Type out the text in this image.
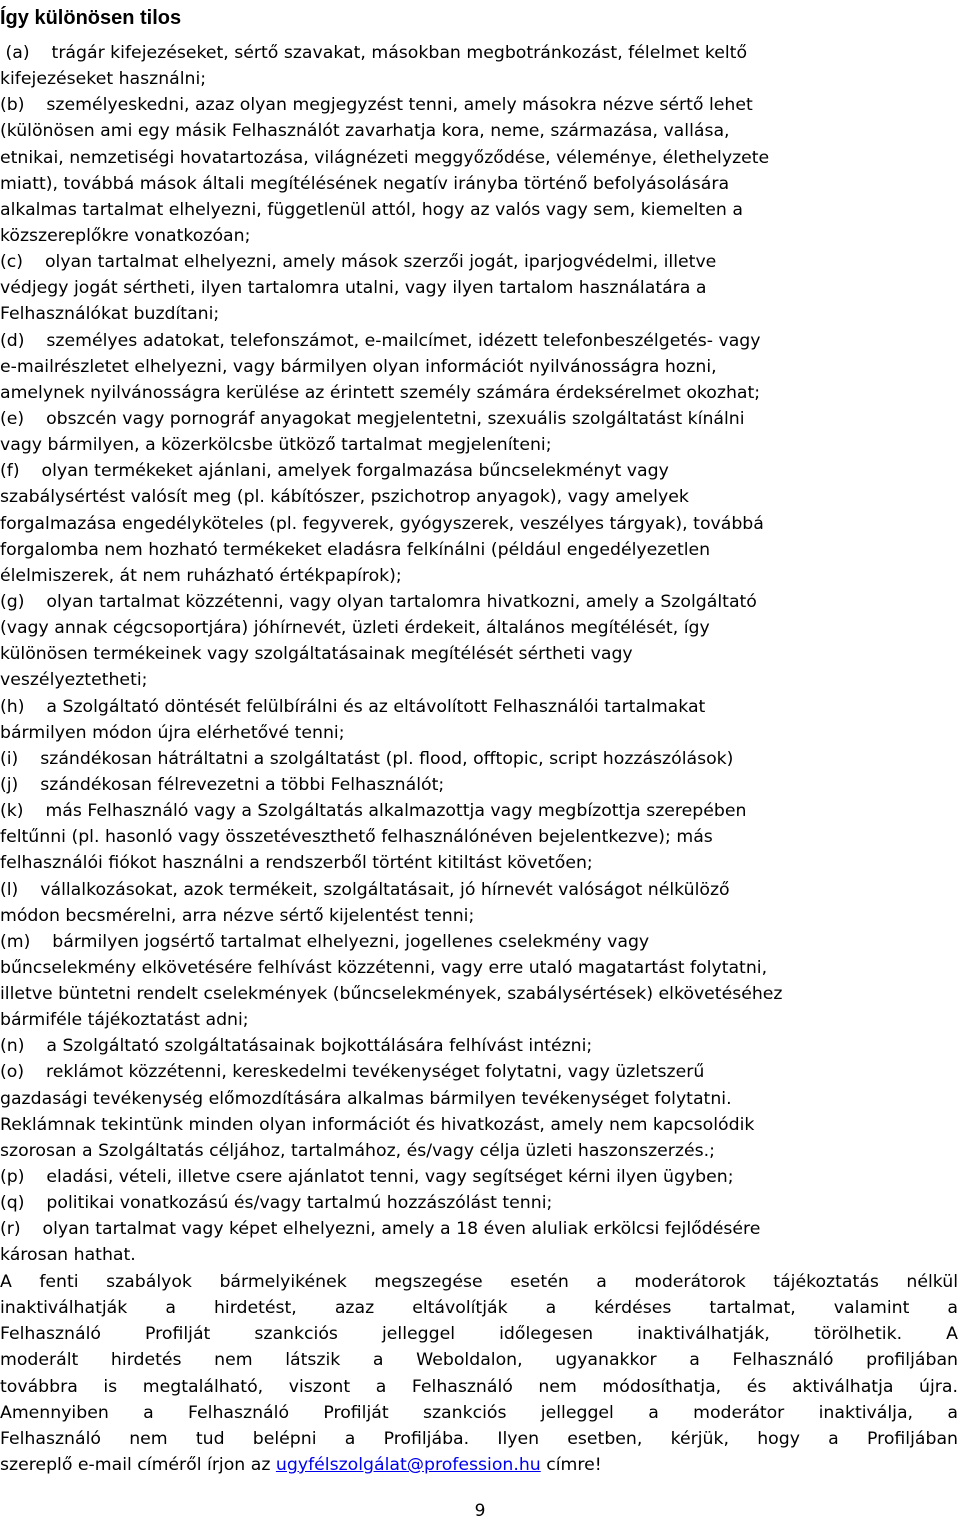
Így különösen tilos
(a)    trágár kifejezéseket, sértő szavakat, másokban megbotránkozást, félelmet keltő
kifejezéseket használni;
(b)    személyeskedni, azaz olyan megjegyzést tenni, amely másokra nézve sértő lehet
(különösen ami egy másik Felhasználót zavarhatja kora, neme, származása, vallása,
etnikai, nemzetiségi hovatartozása, világnézeti meggyőződése, véleménye, élethelyzete
miatt), továbbá mások általi megítélésének negatív irányba történő befolyásolására
alkalmas tartalmat elhelyezni, függetlenül attól, hogy az valós vagy sem, kiemelten a
közszereplőkre vonatkozóan;
(c)    olyan tartalmat elhelyezni, amely mások szerzői jogát, iparjogvédelmi, illetve
védjegy jogát sértheti, ilyen tartalomra utalni, vagy ilyen tartalom használatára a
Felhasználókat buzdítani;
(d)    személyes adatokat, telefonszámot, e-mailcímet, idézett telefonbeszélgetés- vagy
e-mailrészletet elhelyezni, vagy bármilyen olyan információt nyilvánosságra hozni,
amelynek nyilvánosságra kerülése az érintett személy számára érdeksérelmet okozhat;
(e)    obszcén vagy pornográf anyagokat megjelentetni, szexuális szolgáltatást kínálni
vagy bármilyen, a közerkölcsbe ütköző tartalmat megjeleníteni;
(f)    olyan termékeket ajánlani, amelyek forgalmazása bűncselekményt vagy
szabálysértést valósít meg (pl. kábítószer, pszichotrop anyagok), vagy amelyek
forgalmazása engedélyköteles (pl. fegyverek, gyógyszerek, veszélyes tárgyak), továbbá
forgalomba nem hozható termékeket eladásra felkínálni (például engedélyezetlen
élelmiszerek, át nem ruházható értékpapírok);
(g)    olyan tartalmat közzétenni, vagy olyan tartalomra hivatkozni, amely a Szolgáltató
(vagy annak cégcsoportjára) jóhírnevét, üzleti érdekeit, általános megítélését, így
különösen termékeinek vagy szolgáltatásainak megítélését sértheti vagy
veszélyeztetheti;
(h)    a Szolgáltató döntését felülbírálni és az eltávolított Felhasználói tartalmakat
bármilyen módon újra elérhetővé tenni;
(i)    szándékosan hátráltatni a szolgáltatást (pl. flood, offtopic, script hozzászólások)
(j)    szándékosan félrevezetni a többi Felhasználót;
(k)    más Felhasználó vagy a Szolgáltatás alkalmazottja vagy megbízottja szerepében
feltűnni (pl. hasonló vagy összetéveszthető felhasználónéven bejelentkezve); más
felhasználói fiókot használni a rendszerből történt kitiltást követően;
(l)    vállalkozásokat, azok termékeit, szolgáltatásait, jó hírnevét valóságot nélkülöző
módon becsmérelni, arra nézve sértő kijelentést tenni;
(m)    bármilyen jogsértő tartalmat elhelyezni, jogellenes cselekmény vagy
bűncselekmény elkövetésére felhívást közzétenni, vagy erre utaló magatartást folytatni,
illetve büntetni rendelt cselekmények (bűncselekmények, szabálysértések) elkövetéséhez
bármiféle tájékoztatást adni;
(n)    a Szolgáltató szolgáltatásainak bojkottálására felhívást intézni;
(o)    reklámot közzétenni, kereskedelmi tevékenységet folytatni, vagy üzletszerű
gazdasági tevékenység előmozdítására alkalmas bármilyen tevékenységet folytatni.
Reklámnak tekintünk minden olyan információt és hivatkozást, amely nem kapcsolódik
szorosan a Szolgáltatás céljához, tartalmához, és/vagy célja üzleti haszonszerzés.;
(p)    eladási, vételi, illetve csere ajánlatot tenni, vagy segítséget kérni ilyen ügyben;
(q)    politikai vonatkozású és/vagy tartalmú hozzászólást tenni;
(r)    olyan tartalmat vagy képet elhelyezni, amely a 18 éven aluliak erkölcsi fejlődésére
károsan hathat.
A fenti szabályok bármelyikének megszegése esetén a moderátorok tájékoztatás nélkül
inaktiválhatják a hirdetést, azaz eltávolítják a kérdéses tartalmat, valamint a
Felhasználó Profilját szankciós jelleggel időlegesen inaktiválhatják, törölhetik. A
moderált hirdetés nem látszik a Weboldalon, ugyanakkor a Felhasználó profiljában
továbbra is megtalálható, viszont a Felhasználó nem módosíthatja, és aktiválhatja újra.
Amennyiben a Felhasználó Profilját szankciós jelleggel a moderátor inaktiválja, a
Felhasználó nem tud belépni a Profiljába. Ilyen esetben, kérjük, hogy a Profiljában
szereplő e-mail címéről írjon az ugyfélszolgálat@profession.hu címre!
9
